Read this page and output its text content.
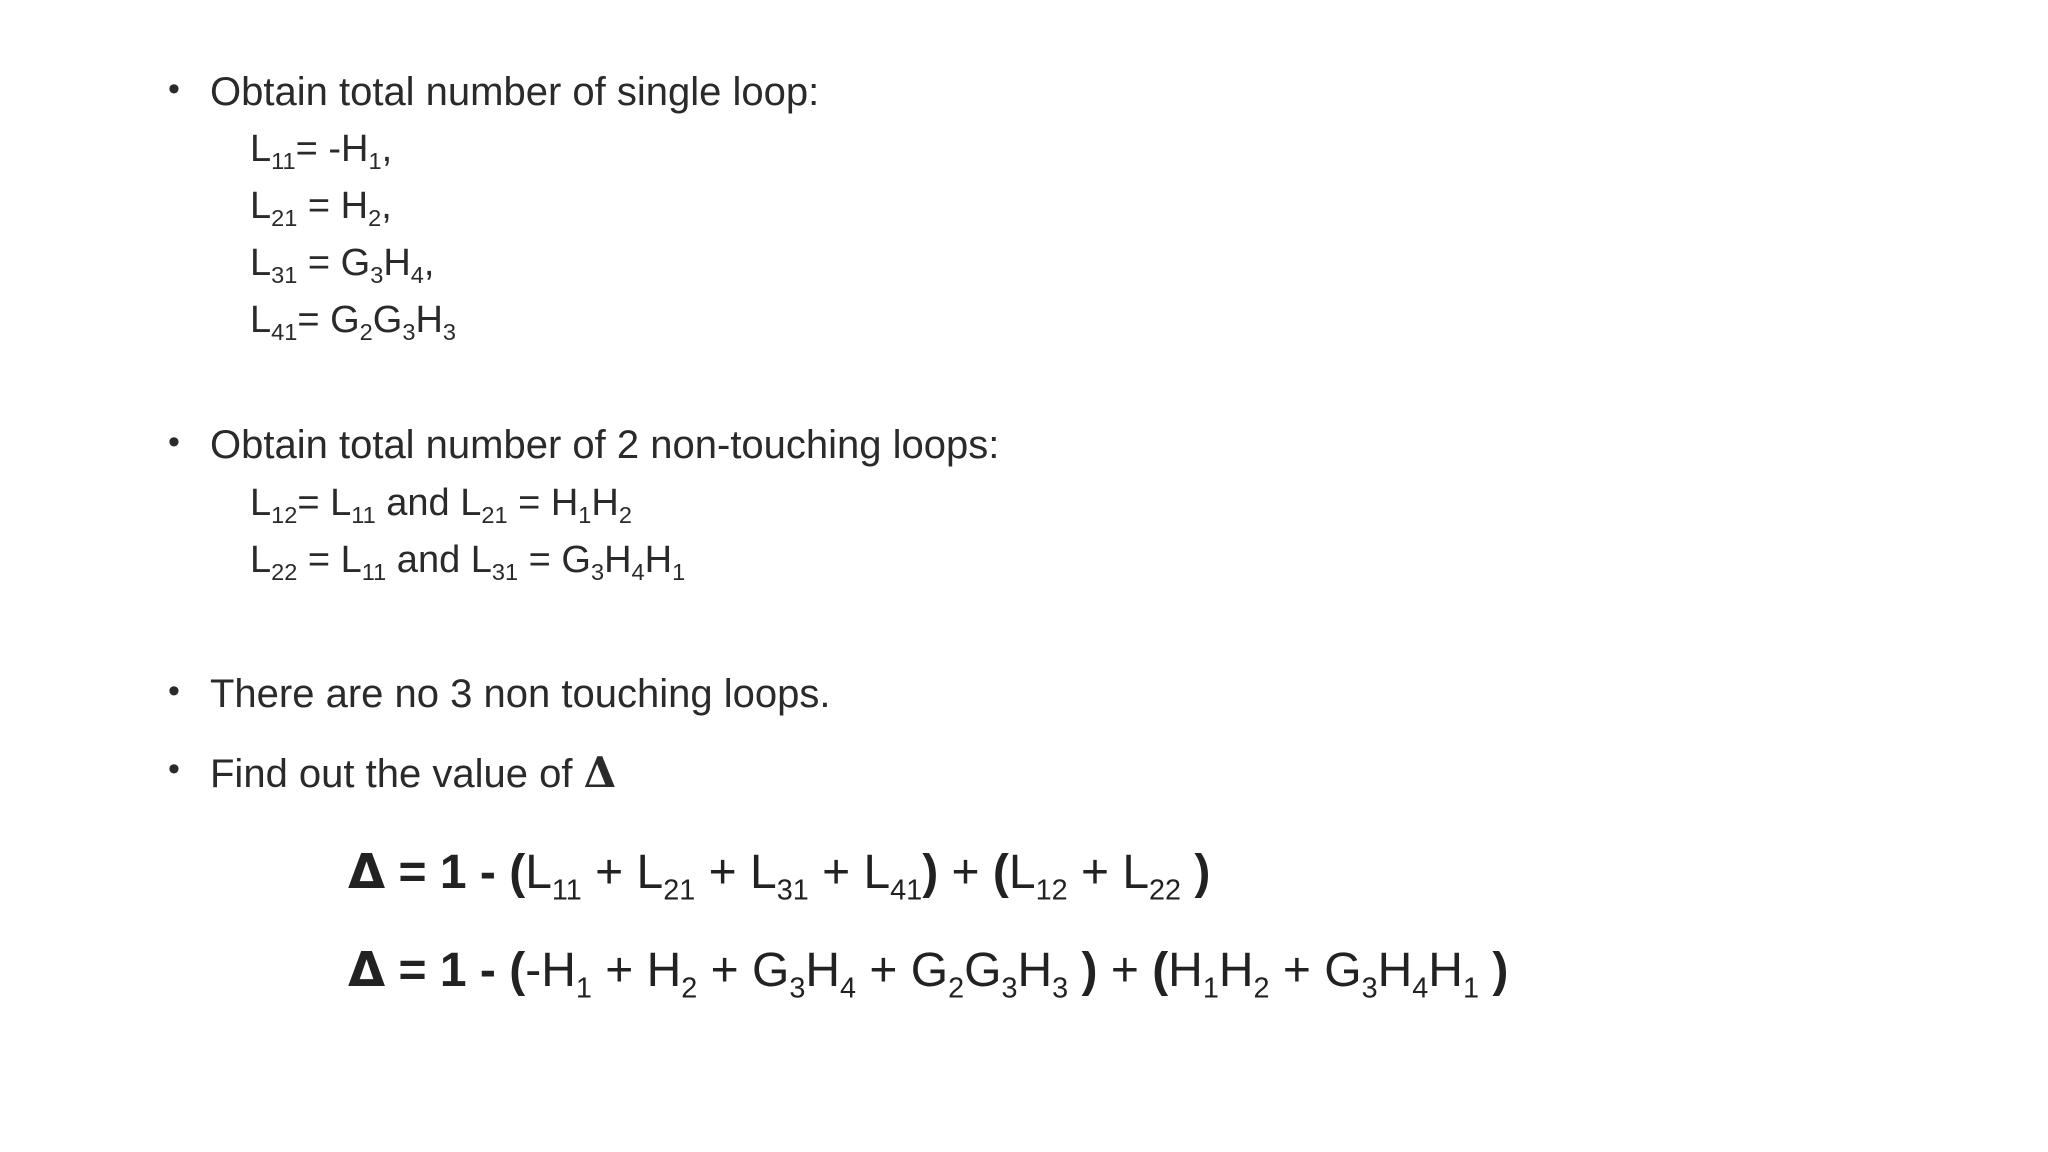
• Obtain total number of single loop:
$L_{11}= -H_1$,
$L_{21} = H_2$,
$L_{31} = G_3H_4$,
$L_{41}= G_2G_3H_3$
• Obtain total number of 2 non-touching loops:
$L_{12}= L_{11}$ and $L_{21} = H_1H_2$
$L_{22} = L_{11}$ and $L_{31} = G_3H_4H_1$
• There are no 3 non touching loops.
• Find out the value of Δ
$\Delta = 1 - (L_{11} + L_{21} + L_{31} + L_{41}) + (L_{12} + L_{22}$ )
$\Delta = 1 - (-H_1 + H_2 + G_3H_4 + G_2G_3H_3$ ) + ($H_1H_2 + G_3H_4H_1$ )
